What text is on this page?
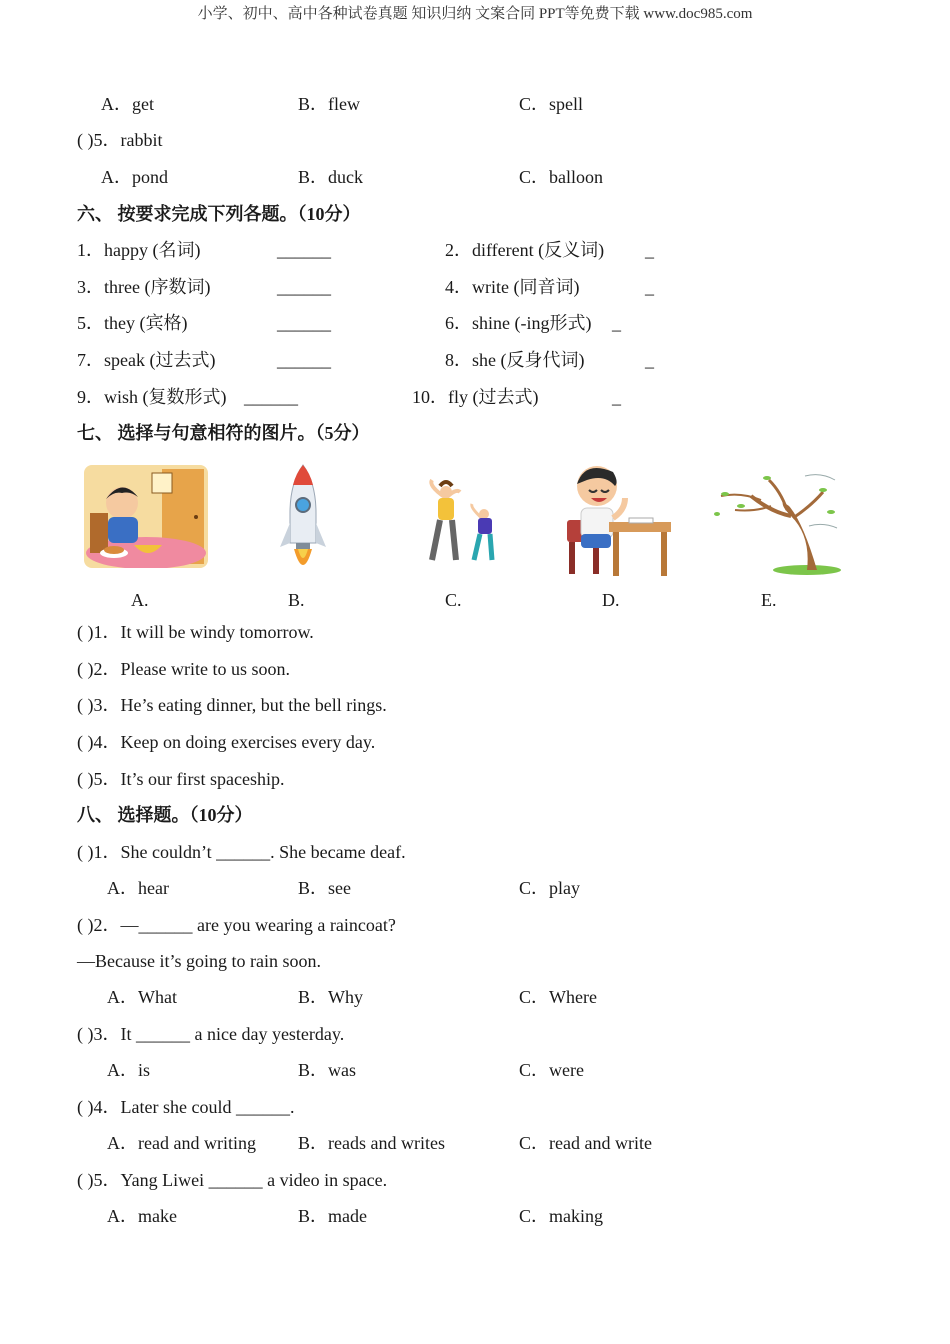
小学、初中、高中各种试卷真题 知识归纳 文案合同 PPT等免费下载 www.doc985.com
A．get	B．flew	C．spell
( )5．rabbit
A．pond	B．duck	C．balloon
六、 按要求完成下列各题。（10分）
1．happy (名词)	______	2．different (反义词) _
3．three (序数词)	______	4．write (同音词)	_
5．they (宾格)	______	6．shine (-ing形式) _
7．speak (过去式)	______	8．she (反身代词)	_
9．wish (复数形式) ______	10．fly (过去式)	_
七、 选择与句意相符的图片。（5分）
A.	B.	C.	D.	E.
( )1．It will be windy tomorrow.
( )2．Please write to us soon.
( )3．He’s eating dinner, but the bell rings.
( )4．Keep on doing exercises every day.
( )5．It’s our first spaceship.
八、 选择题。（10分）
( )1．She couldn’t ______. She became deaf.
A．hear	B．see	C．play
( )2．—______ are you wearing a raincoat?
—Because it’s going to rain soon.
A．What	B．Why	C．Where
( )3．It ______ a nice day yesterday.
A．is	B．was	C．were
( )4．Later she could ______.
A．read and writing B．reads and writes	C．read and write
( )5．Yang Liwei ______ a video in space.
A．make	B．made	C．making
